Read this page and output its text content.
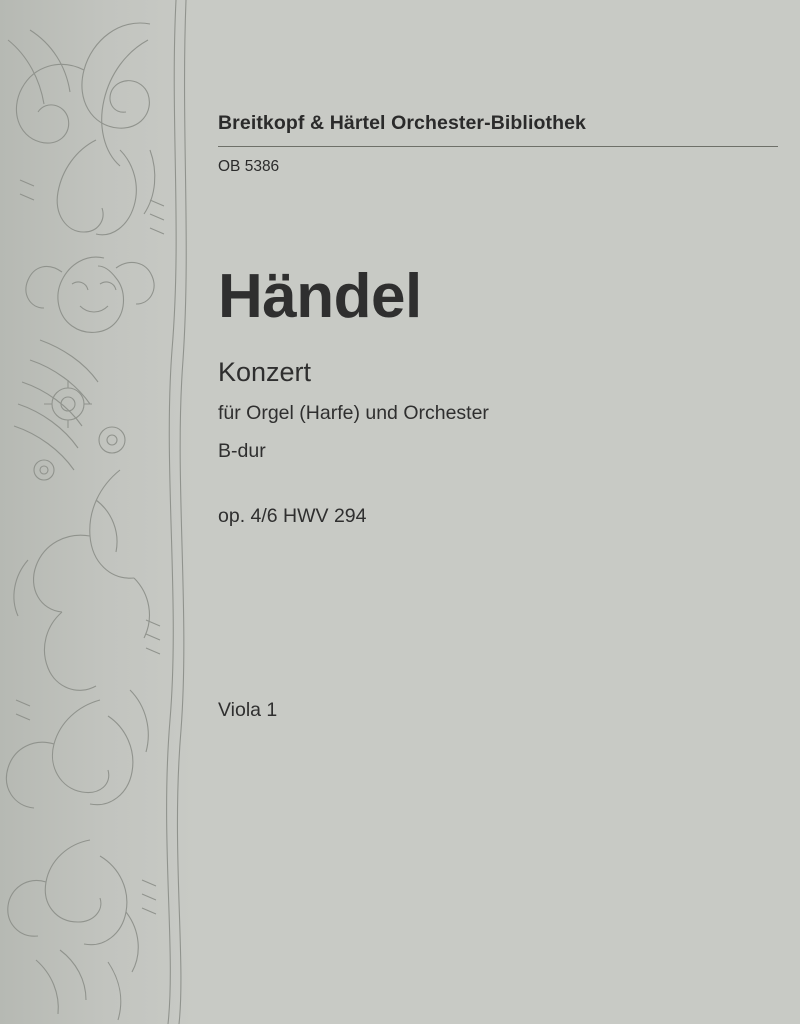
Breitkopf & Härtel Orchester-Bibliothek
OB 5386
Händel
Konzert
für Orgel (Harfe) und Orchester
B-dur
op. 4/6 HWV 294
Viola 1
